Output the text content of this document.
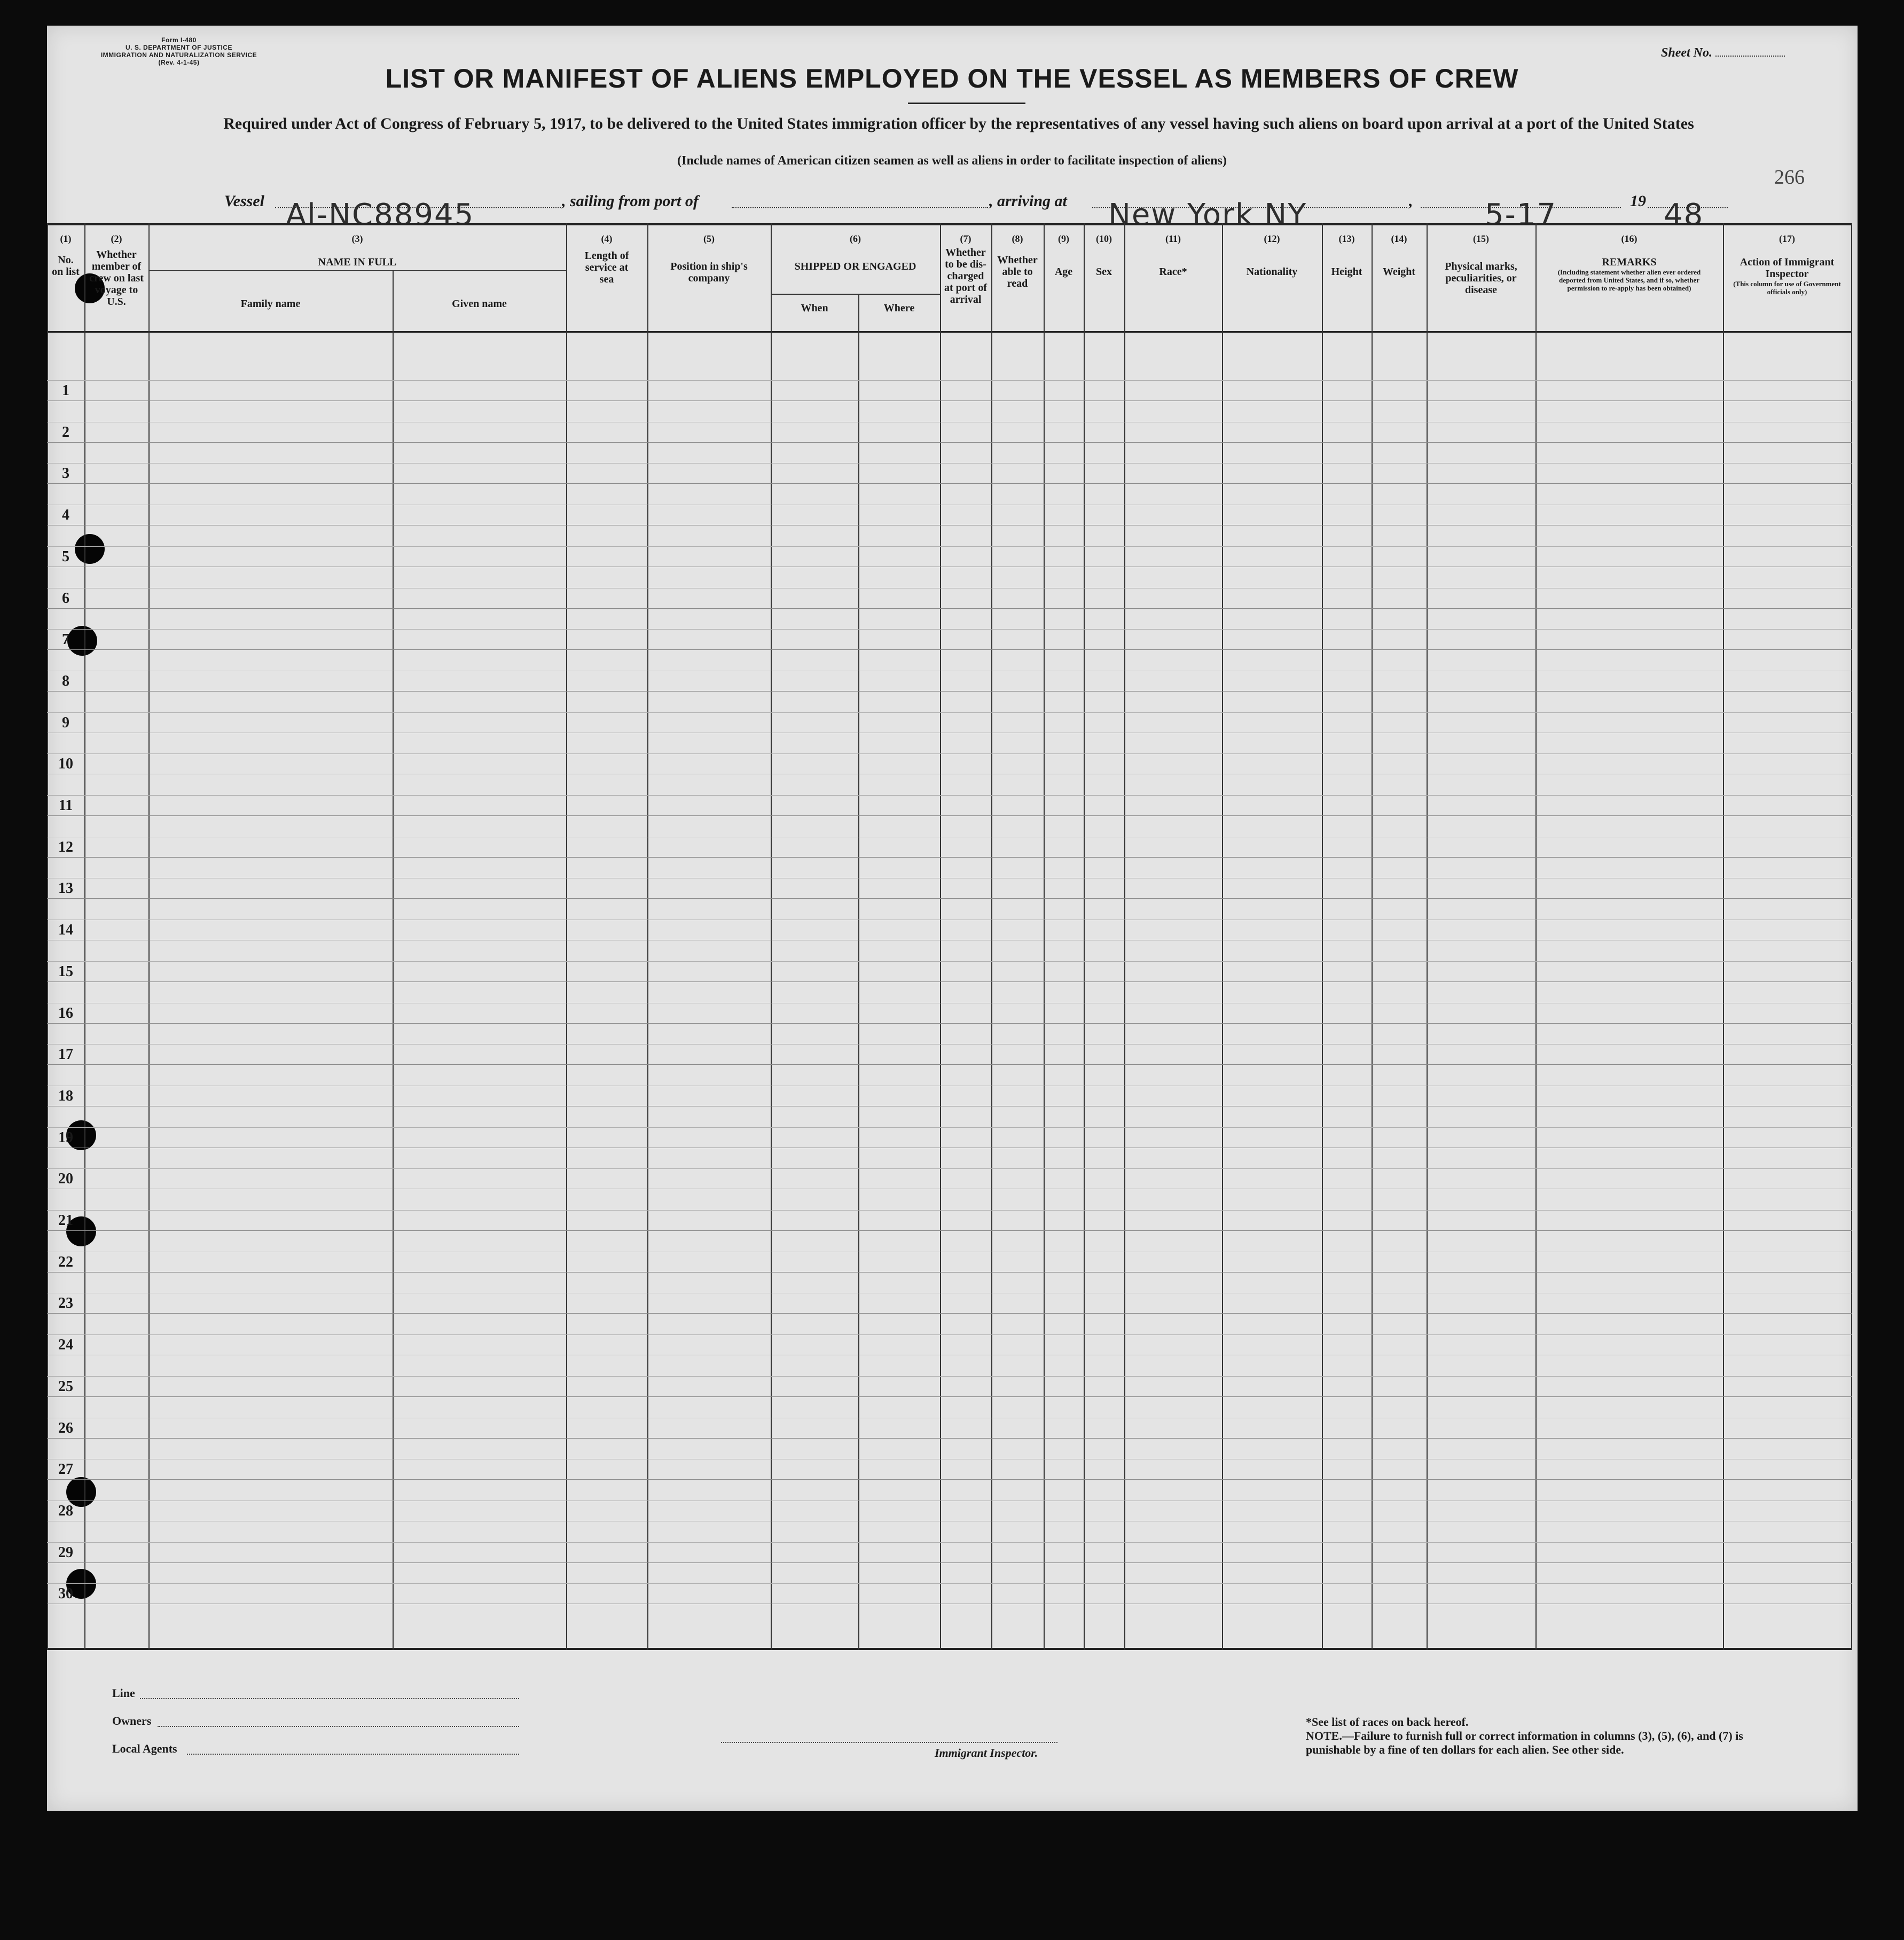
Form I-480
U. S. DEPARTMENT OF JUSTICE
IMMIGRATION AND NATURALIZATION SERVICE
(Rev. 4-1-45)
Sheet No.
LIST OR MANIFEST OF ALIENS EMPLOYED ON THE VESSEL AS MEMBERS OF CREW
Required under Act of Congress of February 5, 1917, to be delivered to the United States immigration officer by the representatives of any vessel having such aliens on board upon arrival at a port of the United States
(Include names of American citizen seamen as well as aliens in order to facilitate inspection of aliens)
266
Vessel Al-NC88945	, sailing from port of	, arriving at New York NY	, 5-17	19 48
(1)
No. on list
(2)
Whether member of crew on last voyage to U.S.
(3)
NAME IN FULL
Family name	Given name
(4)
Length of service at sea
(5)
Position in ship's company
(6)
SHIPPED OR ENGAGED
When	Where
(7)
Whether to be dis-charged at port of arrival
(8)
Whether able to read
(9)
Age
(10)
Sex
(11)
Race*
(12)
Nationality
(13)
Height
(14)
Weight
(15)
Physical marks, peculiarities, or disease
(16)
REMARKS
(Including statement whether alien ever ordered deported from United States, and if so, whether permission to re-apply has been obtained)
(17)
Action of Immigrant Inspector
(This column for use of Government officials only)
1
2
3
4
5
6
7
8
9
10
11
12
13
14
15
16
17
18
19
20
21
22
23
24
25
26
27
28
29
30
Line
Owners
Local Agents	Immigrant Inspector.
*See list of races on back hereof.
NOTE.—Failure to furnish full or correct information in columns (3), (5), (6), and (7) is punishable by a fine of ten dollars for each alien. See other side.
